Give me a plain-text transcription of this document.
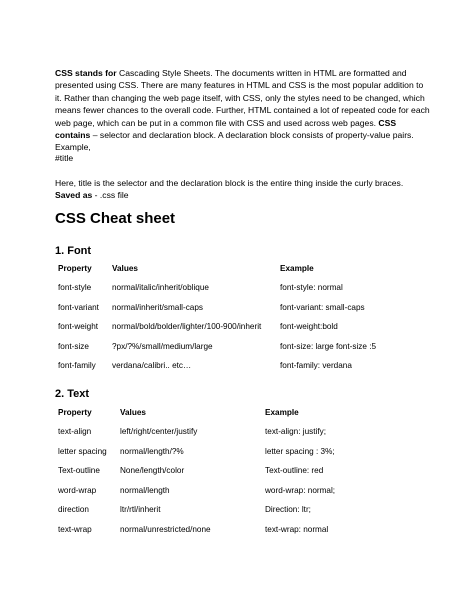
CSS stands for Cascading Style Sheets. The documents written in HTML are formatted and presented using CSS. There are many features in HTML and CSS is the most popular addition to it. Rather than changing the web page itself, with CSS, only the styles need to be changed, which means fewer chances to the overall code. Further, HTML contained a lot of repeated code for each web page, which can be put in a common file with CSS and used across web pages. CSS contains – selector and declaration block. A declaration block consists of property-value pairs. Example,

#title

Here, title is the selector and the declaration block is the entire thing inside the curly braces.

Saved as - .css file

CSS Cheat sheet
1. Font
Property	Values	Example
font-style	normal/italic/inherit/oblique	font-style: normal
font-variant	normal/inherit/small-caps	font-variant: small-caps
font-weight	normal/bold/bolder/lighter/100-900/inherit	font-weight:bold
font-size	?px/?%/small/medium/large	font-size: large font-size :5
font-family	verdana/calibri.. etc…	font-family: verdana
2. Text
Property	Values	Example
text-align	left/right/center/justify	text-align: justify;
letter spacing	normal/length/?%	letter spacing : 3%;
Text-outline	None/length/color	Text-outline: red
word-wrap	normal/length	word-wrap: normal;
direction	ltr/rtl/inherit	Direction: ltr;
text-wrap	normal/unrestricted/none	text-wrap: normal
